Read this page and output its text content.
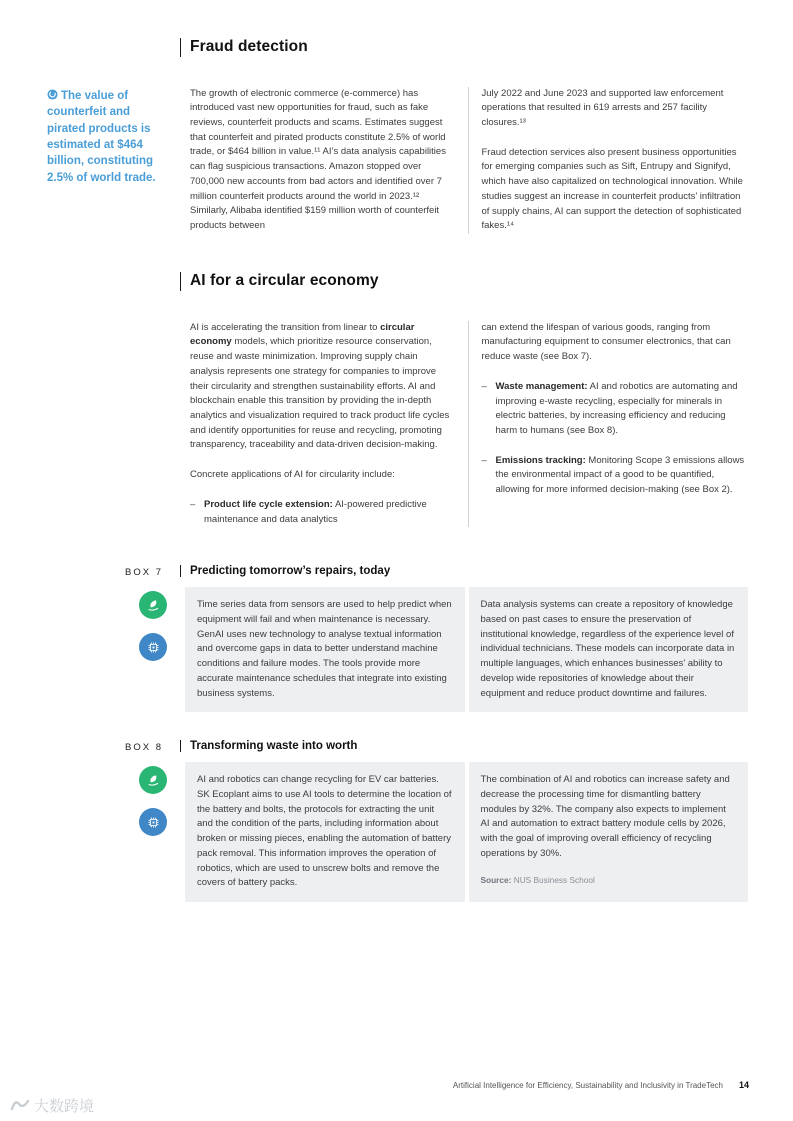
The value of counterfeit and pirated products is estimated at $464 billion, constituting 2.5% of world trade.
Fraud detection

The growth of electronic commerce (e-commerce) has introduced vast new opportunities for fraud, such as fake reviews, counterfeit products and scams. Estimates suggest that counterfeit and pirated products constitute 2.5% of world trade, or $464 billion in value.¹¹ AI’s data analysis capabilities can flag suspicious transactions. Amazon stopped over 700,000 new accounts from bad actors and identified over 7 million counterfeit products around the world in 2023.¹² Similarly, Alibaba identified $159 million worth of counterfeit products between

July 2022 and June 2023 and supported law enforcement operations that resulted in 619 arrests and 257 facility closures.¹³

Fraud detection services also present business opportunities for emerging companies such as Sift, Entrupy and Signifyd, which have also capitalized on technological innovation. While studies suggest an increase in counterfeit products’ infiltration of supply chains, AI can support the detection of sophisticated fakes.¹⁴

AI for a circular economy

AI is accelerating the transition from linear to circular economy models, which prioritize resource conservation, reuse and waste minimization. Improving supply chain analysis represents one strategy for companies to improve their circularity and strengthen sustainability efforts. AI and blockchain enable this transition by providing the in-depth analytics and visualization required to track product life cycles and identify opportunities for reuse and recycling, promoting transparency, traceability and data-driven decision-making.

Concrete applications of AI for circularity include:

– Product life cycle extension: AI-powered predictive maintenance and data analytics

can extend the lifespan of various goods, ranging from manufacturing equipment to consumer electronics, that can reduce waste (see Box 7).

– Waste management: AI and robotics are automating and improving e-waste recycling, especially for minerals in electric batteries, by increasing efficiency and reducing harm to humans (see Box 8).
– Emissions tracking: Monitoring Scope 3 emissions allows the environmental impact of a good to be quantified, allowing for more informed decision-making (see Box 2).
BOX 7 Predicting tomorrow’s repairs, today

Time series data from sensors are used to help predict when equipment will fail and when maintenance is necessary. GenAI uses new technology to analyse textual information and overcome gaps in data to better understand machine conditions and failure modes. The tools provide more accurate maintenance schedules that integrate into existing business systems.

Data analysis systems can create a repository of knowledge based on past cases to ensure the preservation of institutional knowledge, regardless of the experience level of individual technicians. These models can incorporate data in multiple languages, which enhances businesses’ ability to develop wide repositories of knowledge about their equipment and reduce product downtime and failures.

BOX 8 Transforming waste into worth

AI and robotics can change recycling for EV car batteries. SK Ecoplant aims to use AI tools to determine the location of the battery and bolts, the protocols for extracting the unit and the condition of the parts, including information about broken or missing pieces, enabling the automation of battery pack removal. This information improves the operation of robotics, which are used to unscrew bolts and remove the covers of battery packs.

The combination of AI and robotics can increase safety and decrease the processing time for dismantling battery modules by 32%. The company also expects to implement AI and automation to extract battery module cells by 2026, with the goal of improving overall efficiency of recycling operations by 30%.

Source: NUS Business School

Artificial Intelligence for Efficiency, Sustainability and Inclusivity in TradeTech 14
大数跨境
